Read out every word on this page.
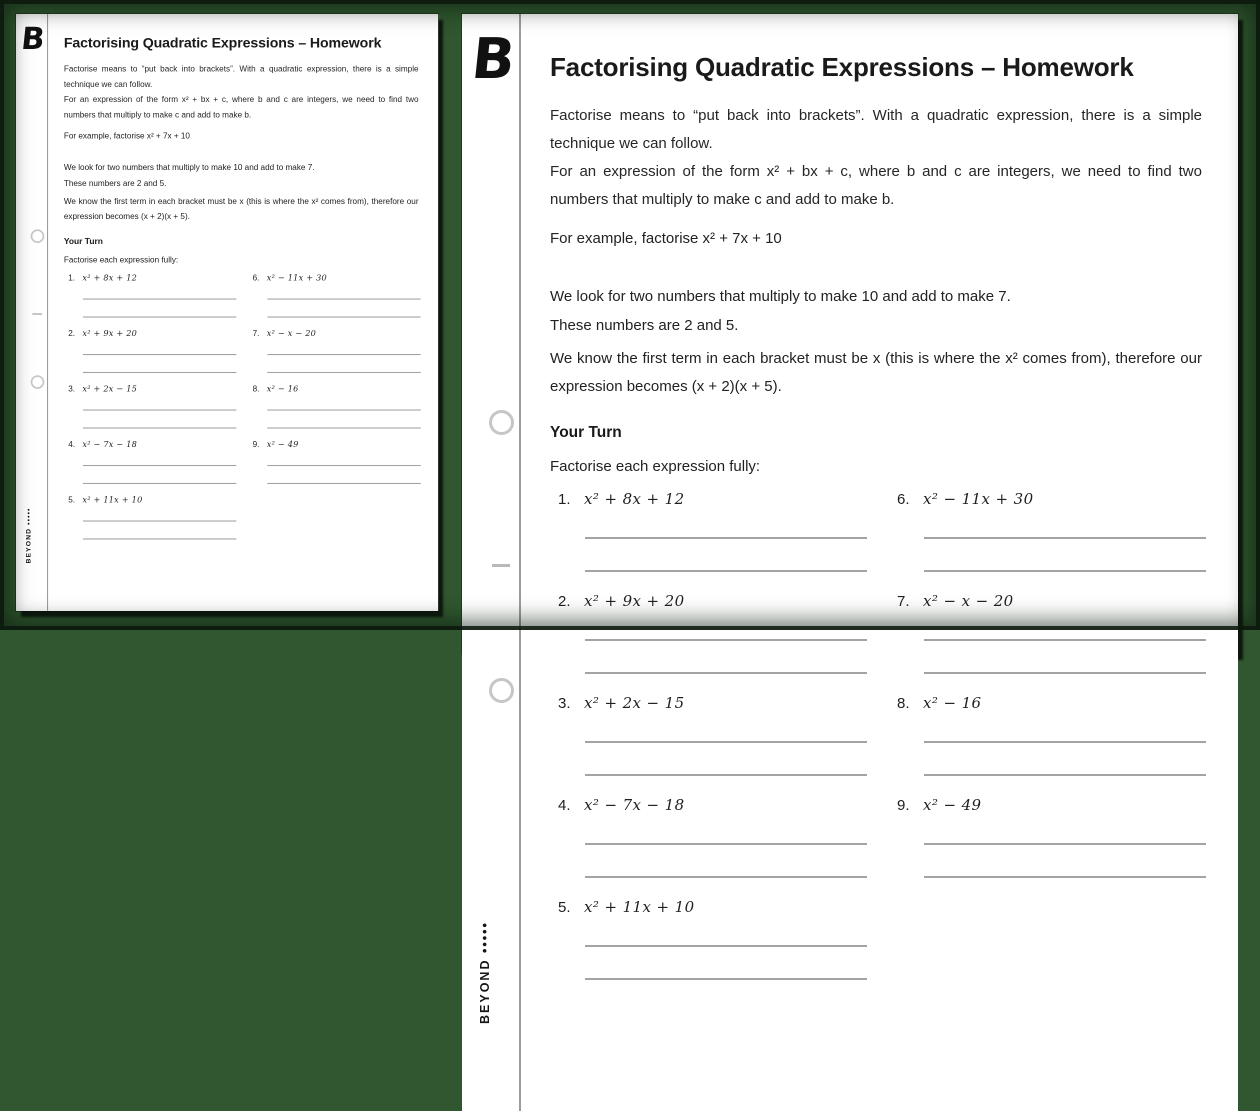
B
BEYOND •••••
Factorising Quadratic Expressions – Homework
Factorise means to “put back into brackets”. With a quadratic expression, there is a simple technique we can follow.
For an expression of the form x² + bx + c, where b and c are integers, we need to find two numbers that multiply to make c and add to make b.
For example, factorise x² + 7x + 10
We look for two numbers that multiply to make 10 and add to make 7.
These numbers are 2 and 5.
We know the first term in each bracket must be x (this is where the x² comes from), therefore our expression becomes (x + 2)(x + 5).
Your Turn
Factorise each expression fully:
1. x² + 8x + 12
2. x² + 9x + 20
3. x² + 2x − 15
4. x² − 7x − 18
5. x² + 11x + 10
6. x² − 11x + 30
7. x² − x − 20
8. x² − 16
9. x² − 49
B
BEYOND •••••
Factorising Quadratic Expressions – Homework
Factorise means to “put back into brackets”. With a quadratic expression, there is a simple technique we can follow.
For an expression of the form x² + bx + c, where b and c are integers, we need to find two numbers that multiply to make c and add to make b.
For example, factorise x² + 7x + 10
We look for two numbers that multiply to make 10 and add to make 7.
These numbers are 2 and 5.
We know the first term in each bracket must be x (this is where the x² comes from), therefore our expression becomes (x + 2)(x + 5).
Your Turn
Factorise each expression fully:
1. x² + 8x + 12
2. x² + 9x + 20
3. x² + 2x − 15
4. x² − 7x − 18
5. x² + 11x + 10
6. x² − 11x + 30
7. x² − x − 20
8. x² − 16
9. x² − 49
